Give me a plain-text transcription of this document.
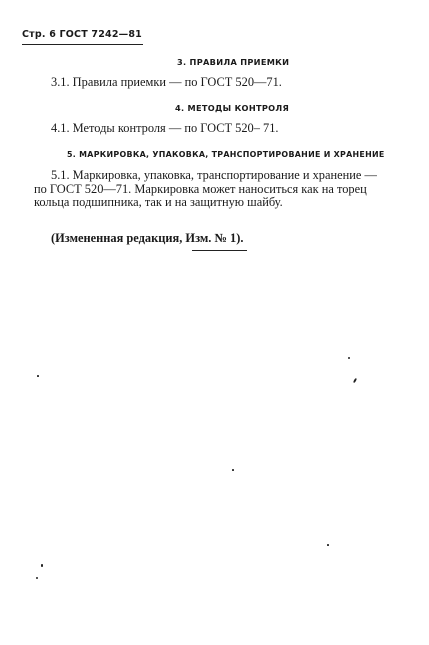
Стр. 6 ГОСТ 7242—81
3. ПРАВИЛА ПРИЕМКИ
3.1. Правила приемки — по ГОСТ 520—71.
4. МЕТОДЫ КОНТРОЛЯ
4.1. Методы контроля — по ГОСТ 520– 71.
5. МАРКИРОВКА, УПАКОВКА, ТРАНСПОРТИРОВАНИЕ И ХРАНЕНИЕ
5.1. Маркировка, упаковка, транспортирование и хранение —
по ГОСТ 520—71. Маркировка может наноситься как на торец
кольца подшипника, так и на защитную шайбу.
(Измененная редакция, Изм. № 1).
